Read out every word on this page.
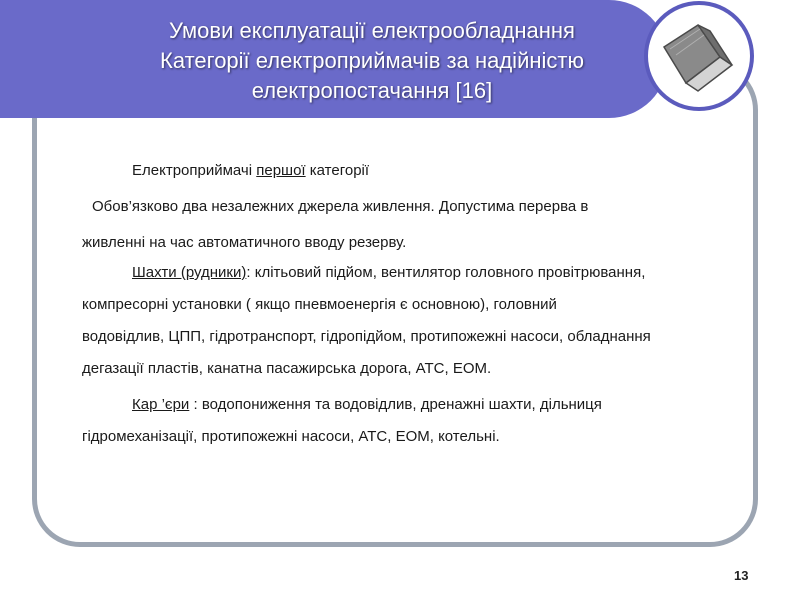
Умови експлуатації електрообладнання
Категорії електроприймачів за надійністю
електропостачання [16]
Електроприймачі першої категорії
Обов’язково два незалежних джерела живлення. Допустима перерва в
живленні на час автоматичного вводу резерву.
Шахти (рудники): клітьовий підйом, вентилятор головного провітрювання,
компресорні установки ( якщо пневмоенергія є основною), головний
водовідлив, ЦПП, гідротранспорт, гідропідйом, протипожежні насоси, обладнання
дегазації пластів, канатна пасажирська дорога, АТС, ЕОМ.
Кар ’єри : водопониження та водовідлив, дренажні шахти, дільниця
гідромеханізації, протипожежні насоси, АТС, ЕОМ, котельні.
13
